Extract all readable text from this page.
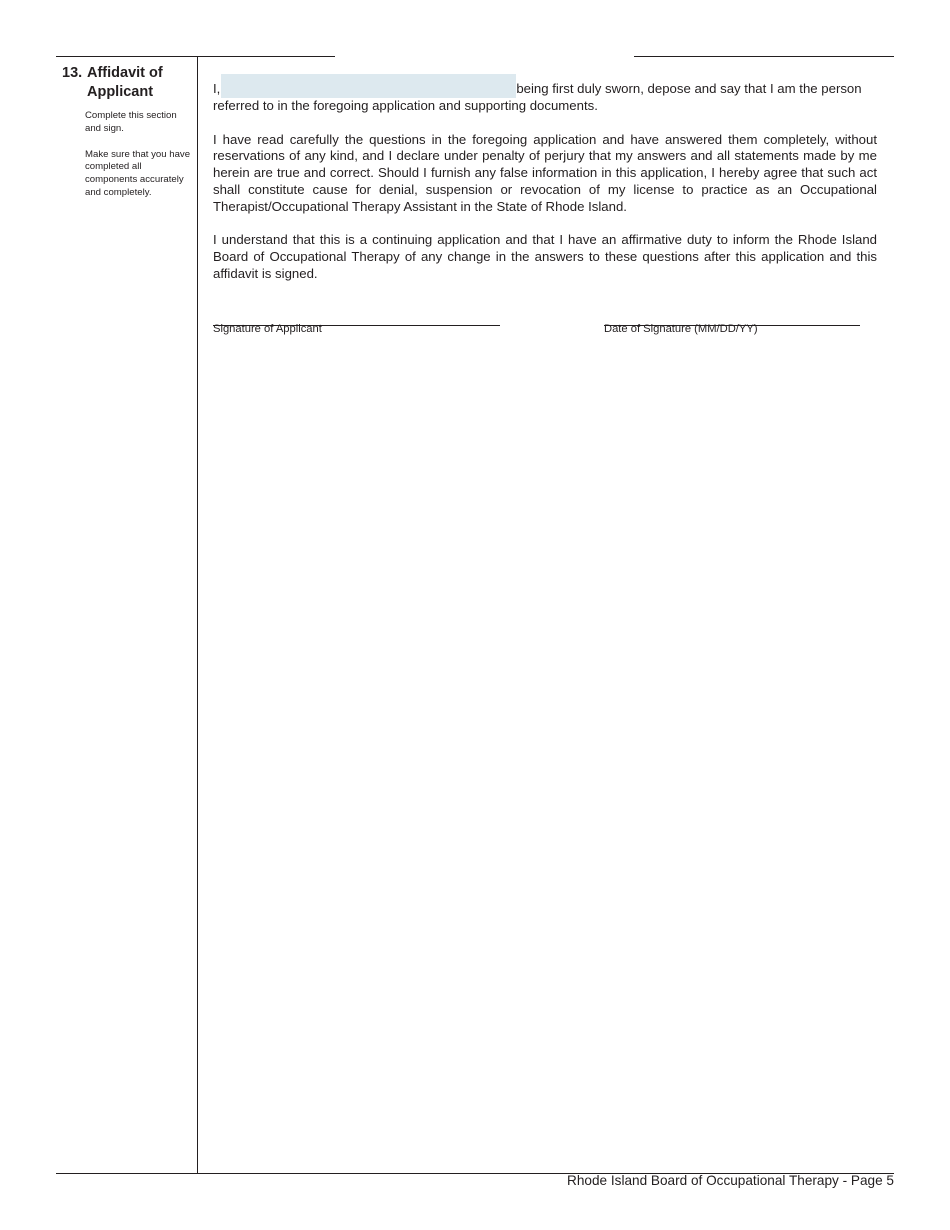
13. Affidavit of Applicant

Complete this section and sign.

Make sure that you have completed all components accurately and completely.

I,	being first duly sworn, depose and say that I am the person
referred to in the foregoing application and supporting documents.

I have read carefully the questions in the foregoing application and have answered them completely, without reservations of any kind, and I declare under penalty of perjury that my answers and all statements made by me herein are true and correct. Should I furnish any false information in this application, I hereby agree that such act shall constitute cause for denial, suspension or revocation of my license to practice as an Occupational Therapist/Occupational Therapy Assistant in the State of Rhode Island.

I understand that this is a continuing application and that I have an affirmative duty to inform the Rhode Island Board of Occupational Therapy of any change in the answers to these questions after this application and this affidavit is signed.

Signature of Applicant	Date of Signature (MM/DD/YY)
Rhode Island Board of Occupational Therapy - Page 5
